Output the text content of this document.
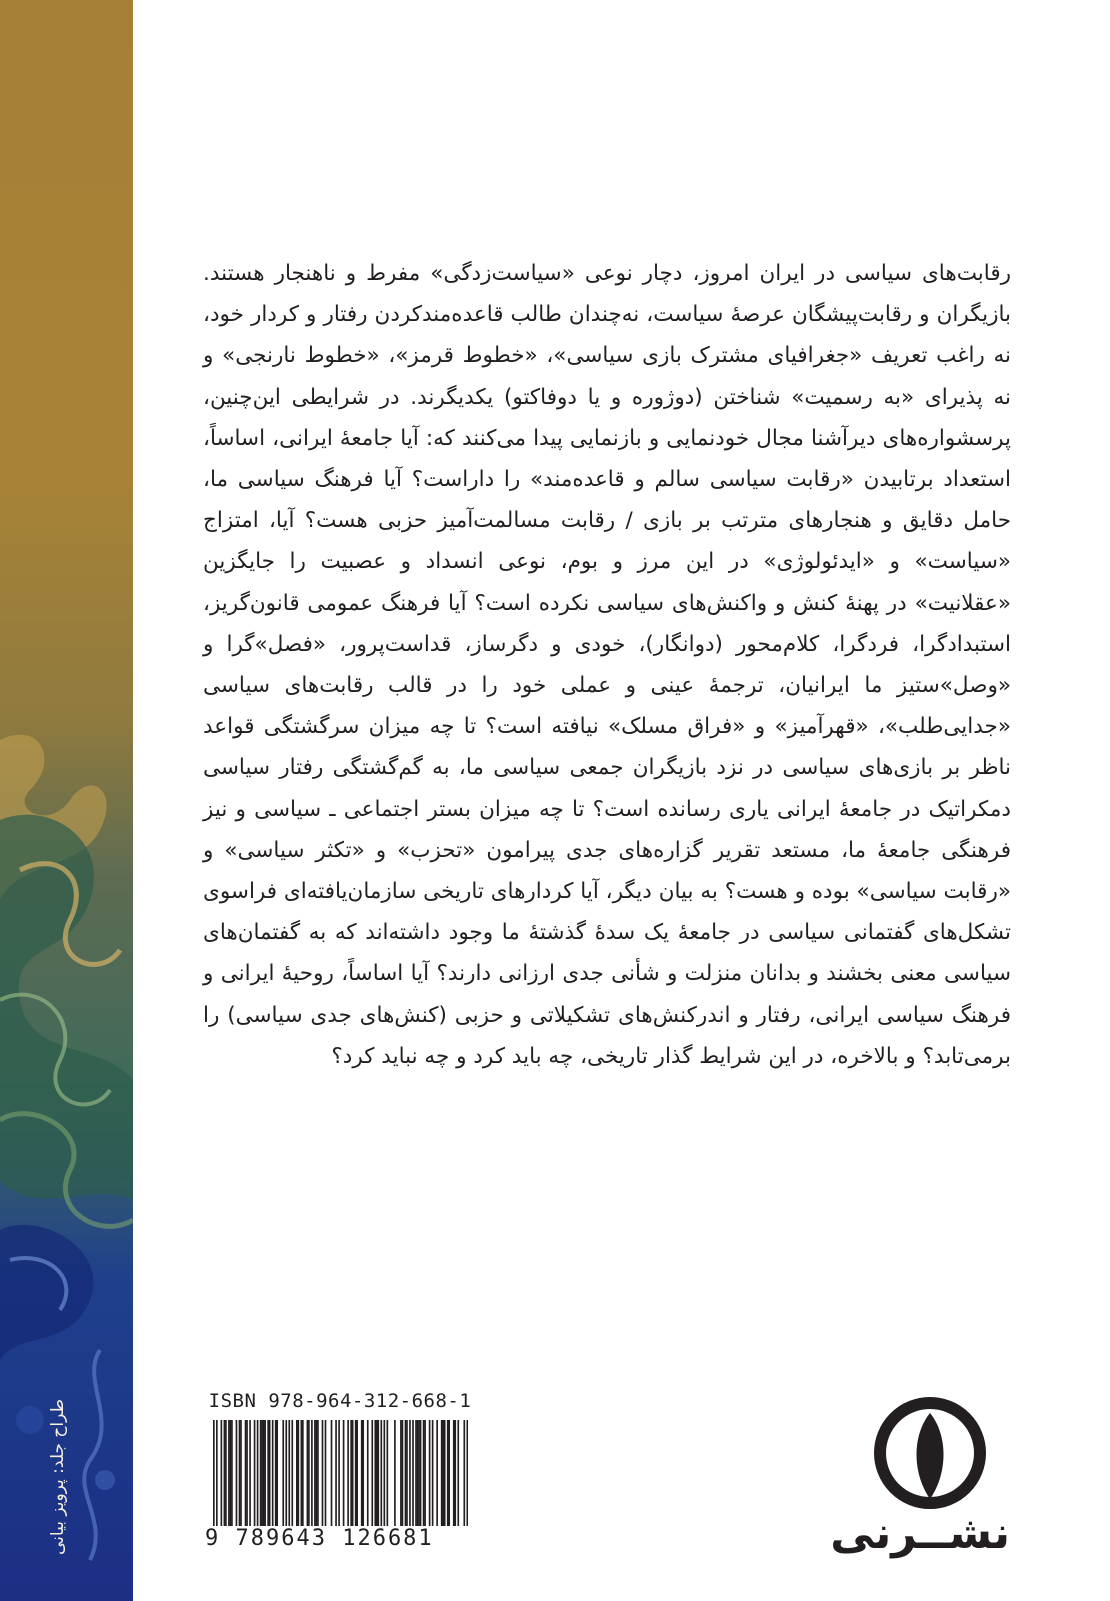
طراح جلد: پرویز بیانی

رقابت‌های سیاسی در ایران امروز، دچار نوعی «سیاست‌زدگی» مفرط و ناهنجار هستند. بازیگران و رقابت‌پیشگان عرصهٔ سیاست، نه‌چندان طالب قاعده‌مندکردن رفتار و کردار خود، نه راغب تعریف «جغرافیای مشترک بازی سیاسی»، «خطوط قرمز»، «خطوط نارنجی» و نه پذیرای «به رسمیت» شناختن (دوژوره و یا دوفاکتو) یکدیگرند. در شرایطی این‌چنین، پرسشواره‌های دیرآشنا مجال خودنمایی و بازنمایی پیدا می‌کنند که: آیا جامعهٔ ایرانی، اساساً، استعداد برتابیدن «رقابت سیاسی سالم و قاعده‌مند» را داراست؟ آیا فرهنگ سیاسی ما، حامل دقایق و هنجارهای مترتب بر بازی / رقابت مسالمت‌آمیز حزبی هست؟ آیا، امتزاج «سیاست» و «ایدئولوژی» در این مرز و بوم، نوعی انسداد و عصبیت را جایگزین «عقلانیت» در پهنهٔ کنش و واکنش‌های سیاسی نکرده است؟ آیا فرهنگ عمومی قانون‌گریز، استبدادگرا، فردگرا، کلام‌محور (دوانگار)، خودی و دگرساز، قداست‌پرور، «فصل»گرا و «وصل»ستیز ما ایرانیان، ترجمهٔ عینی و عملی خود را در قالب رقابت‌های سیاسی «جدایی‌طلب»، «قهرآمیز» و «فراق مسلک» نیافته است؟ تا چه میزان سرگشتگی قواعد ناظر بر بازی‌های سیاسی در نزد بازیگران جمعی سیاسی ما، به گم‌گشتگی رفتار سیاسی دمکراتیک در جامعهٔ ایرانی یاری رسانده است؟ تا چه میزان بستر اجتماعی ـ سیاسی و نیز فرهنگی جامعهٔ ما، مستعد تقریر گزاره‌های جدی پیرامون «تحزب» و «تکثر سیاسی» و «رقابت سیاسی» بوده و هست؟ به بیان دیگر، آیا کردارهای تاریخی سازمان‌یافته‌ای فراسوی تشکل‌های گفتمانی سیاسی در جامعهٔ یک سدهٔ گذشتهٔ ما وجود داشته‌اند که به گفتمان‌های سیاسی معنی بخشند و بدانان منزلت و شأنی جدی ارزانی دارند؟ آیا اساساً، روحیهٔ ایرانی و فرهنگ سیاسی ایرانی، رفتار و اندرکنش‌های تشکیلاتی و حزبی (کنش‌های جدی سیاسی) را برمی‌تابد؟ و بالاخره، در این شرایط گذار تاریخی، چه باید کرد و چه نباید کرد؟

ISBN 978-964-312-668-1
9 789643 126681	نشــرنی
